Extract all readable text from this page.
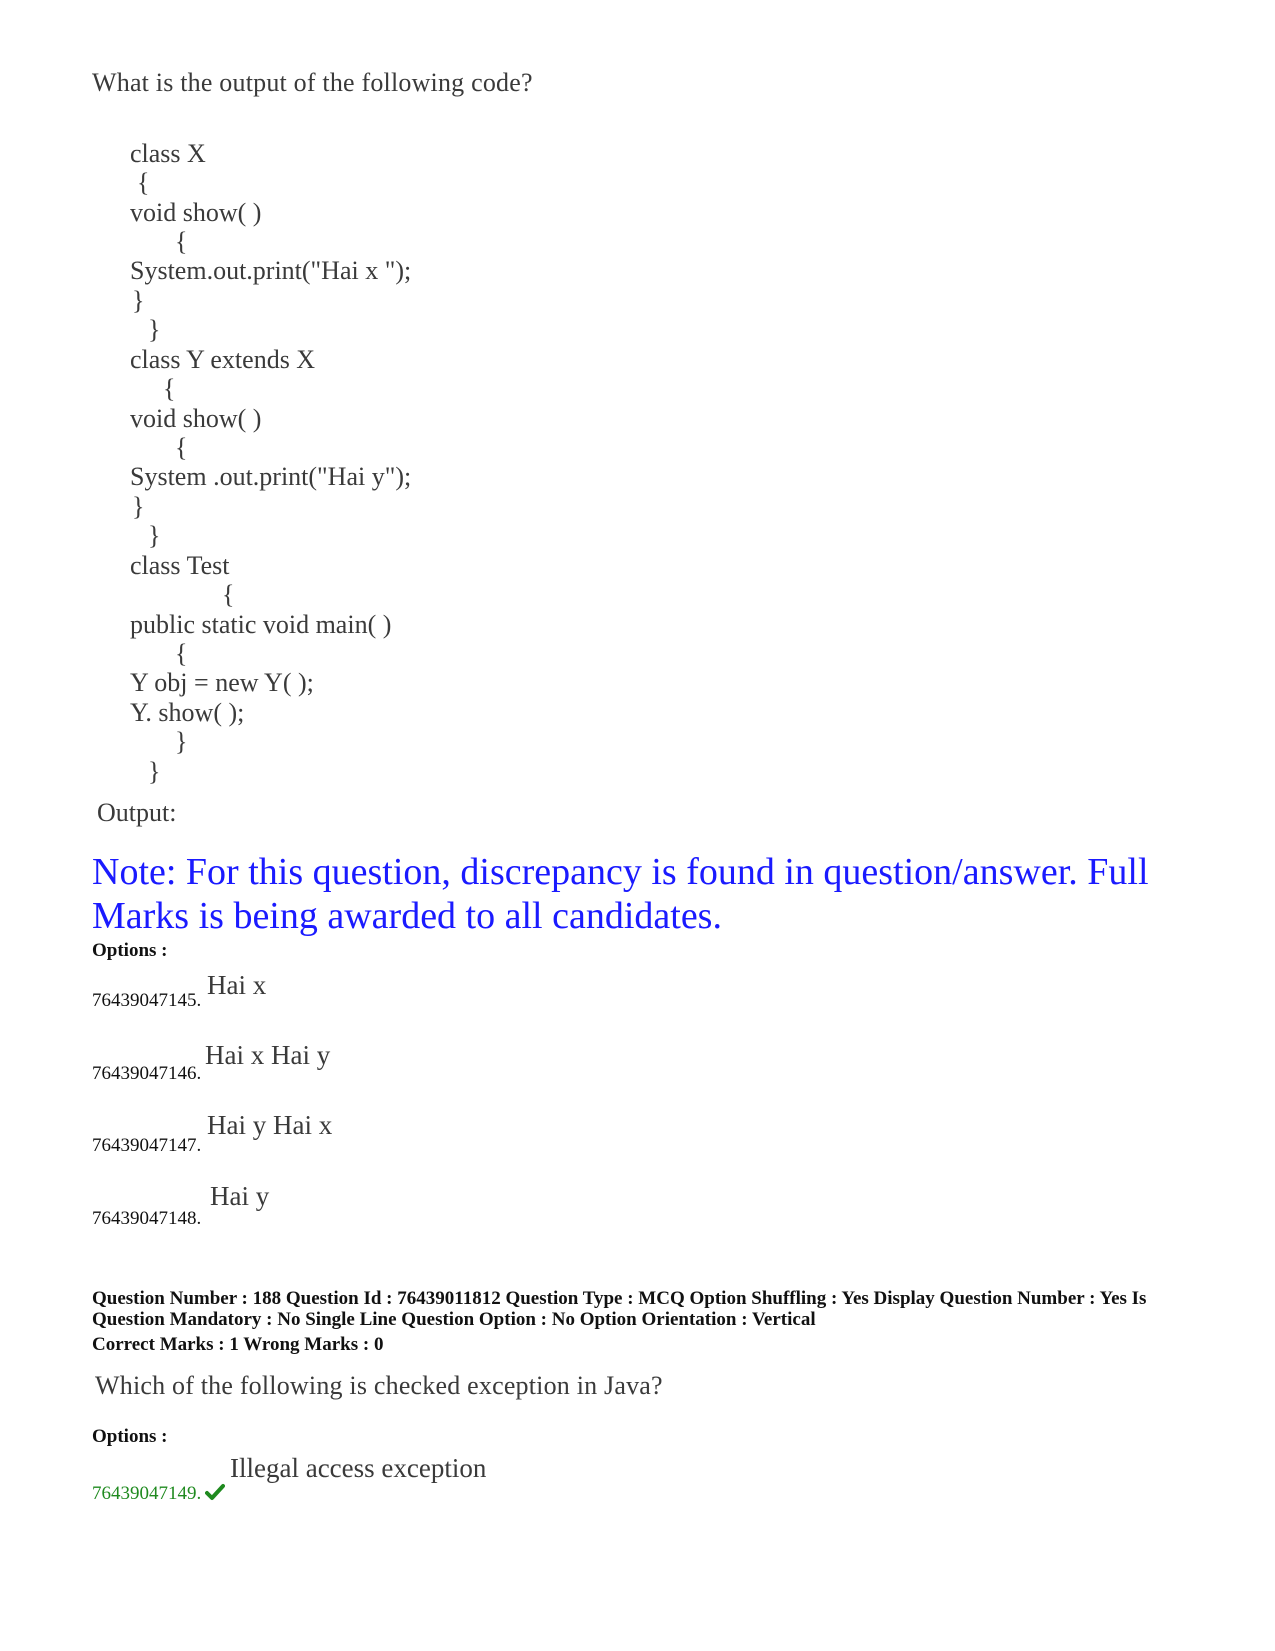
What is the output of the following code?
class X
{
void show( )
{
System.out.print("Hai x ");
}
}
class Y extends X
{
void show( )
{
System .out.print("Hai y");
}
}
class Test
{
public static void main( )
{
Y obj = new Y( );
Y. show( );
}
}
Output:
Note: For this question, discrepancy is found in question/answer. Full Marks is being awarded to all candidates.
Options :
76439047145.
Hai x
76439047146.
Hai x Hai y
76439047147.
Hai y Hai x
76439047148.
Hai y
Question Number : 188 Question Id : 76439011812 Question Type : MCQ Option Shuffling : Yes Display Question Number : Yes Is Question Mandatory : No Single Line Question Option : No Option Orientation : Vertical
Correct Marks : 1 Wrong Marks : 0
Which of the following is checked exception in Java?
Options :
76439047149.
Illegal access exception
